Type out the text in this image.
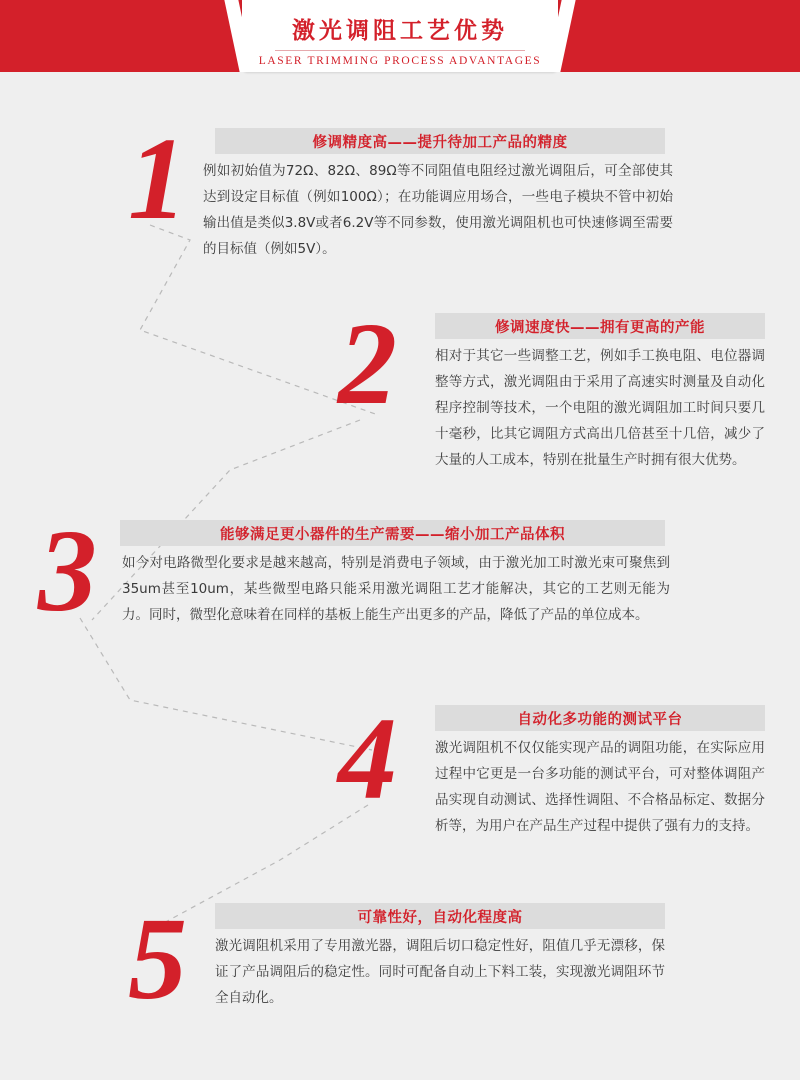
激光调阻工艺优势
LASER TRIMMING PROCESS ADVANTAGES
1	修调精度高——提升待加工产品的精度
例如初始值为72Ω、82Ω、89Ω等不同阻值电阻经过激光调阻后，可全部使其达到设定目标值（例如100Ω）；在功能调应用场合，一些电子模块不管中初始输出值是类似3.8V或者6.2V等不同参数，使用激光调阻机也可快速修调至需要的目标值（例如5V）。
2	修调速度快——拥有更高的产能
相对于其它一些调整工艺，例如手工换电阻、电位器调整等方式，激光调阻由于采用了高速实时测量及自动化程序控制等技术，一个电阻的激光调阻加工时间只要几十毫秒，比其它调阻方式高出几倍甚至十几倍，减少了大量的人工成本，特别在批量生产时拥有很大优势。
3	能够满足更小器件的生产需要——缩小加工产品体积
如今对电路微型化要求是越来越高，特别是消费电子领域，由于激光加工时激光束可聚焦到35um甚至10um，某些微型电路只能采用激光调阻工艺才能解决，其它的工艺则无能为力。同时，微型化意味着在同样的基板上能生产出更多的产品，降低了产品的单位成本。
4	自动化多功能的测试平台
激光调阻机不仅仅能实现产品的调阻功能，在实际应用过程中它更是一台多功能的测试平台，可对整体调阻产品实现自动测试、选择性调阻、不合格品标定、数据分析等，为用户在产品生产过程中提供了强有力的支持。
5	可靠性好，自动化程度高
激光调阻机采用了专用激光器，调阻后切口稳定性好，阻值几乎无漂移，保证了产品调阻后的稳定性。同时可配备自动上下料工装，实现激光调阻环节全自动化。
